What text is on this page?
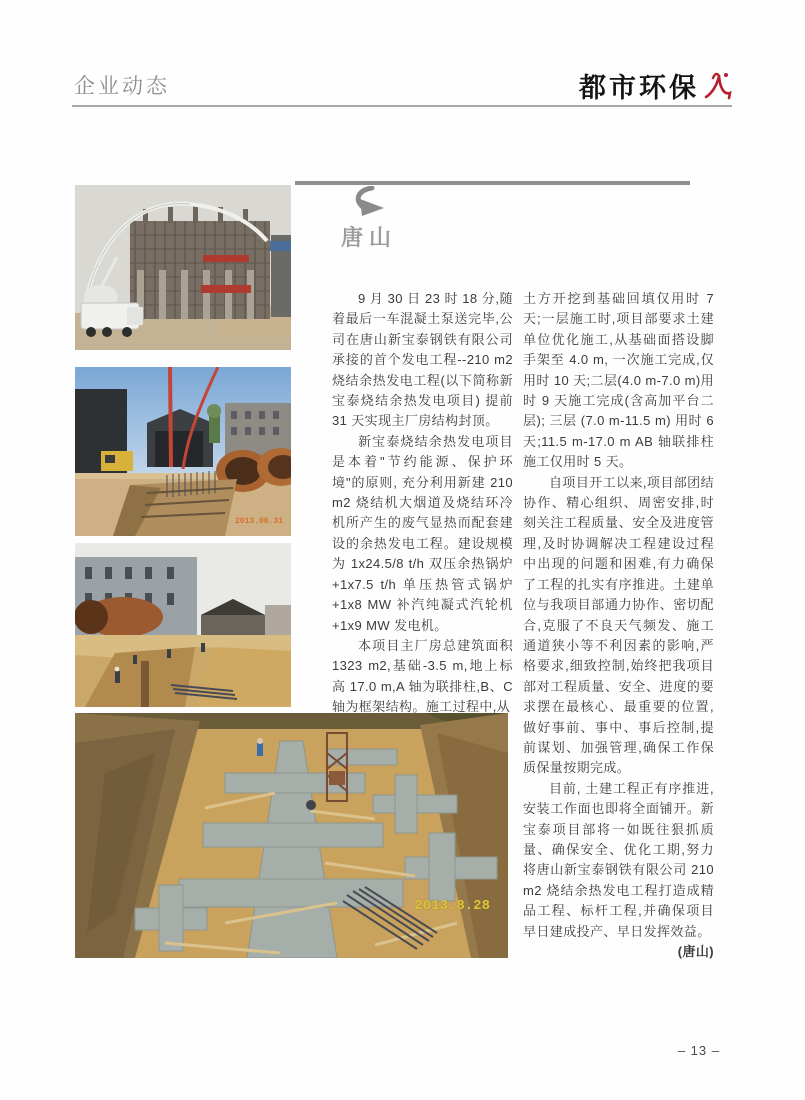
企业动态	都市环保
唐山
2013.08.31
2013.8.28

9 月 30 日 23 时 18 分,随着最后一车混凝土泵送完毕,公司在唐山新宝泰钢铁有限公司承接的首个发电工程--210 m2 烧结余热发电工程(以下简称新宝泰烧结余热发电项目) 提前 31 天实现主厂房结构封顶。

新宝泰烧结余热发电项目是本着"节约能源、保护环境"的原则, 充分利用新建 210 m2 烧结机大烟道及烧结环冷机所产生的废气显热而配套建设的余热发电工程。建设规模为 1x24.5/8 t/h 双压余热锅炉+1x7.5 t/h 单压热管式锅炉+1x8 MW 补汽纯凝式汽轮机+1x9 MW 发电机。

本项目主厂房总建筑面积 1323 m2,基础-3.5 m,地上标高 17.0 m,A 轴为联排柱,B、C 轴为框架结构。施工过程中,从

土方开挖到基础回填仅用时 7 天;一层施工时,项目部要求土建单位优化施工,从基础面搭设脚手架至 4.0 m, 一次施工完成,仅用时 10 天;二层(4.0 m-7.0 m)用时 9 天施工完成(含高加平台二层); 三层 (7.0 m-11.5 m) 用时 6 天;11.5 m-17.0 m AB 轴联排柱施工仅用时 5 天。

自项目开工以来,项目部团结协作、精心组织、周密安排,时刻关注工程质量、安全及进度管理,及时协调解决工程建设过程中出现的问题和困难,有力确保了工程的扎实有序推进。土建单位与我项目部通力协作、密切配合,克服了不良天气频发、施工通道狭小等不利因素的影响,严格要求,细致控制,始终把我项目部对工程质量、安全、进度的要求摆在最核心、最重要的位置,做好事前、事中、事后控制,提前谋划、加强管理,确保工作保质保量按期完成。

目前, 土建工程正有序推进, 安装工作面也即将全面铺开。新宝泰项目部将一如既往狠抓质量、确保安全、优化工期,努力将唐山新宝泰钢铁有限公司 210 m2 烧结余热发电工程打造成精品工程、标杆工程,并确保项目早日建成投产、早日发挥效益。

(唐山)

– 13 –
